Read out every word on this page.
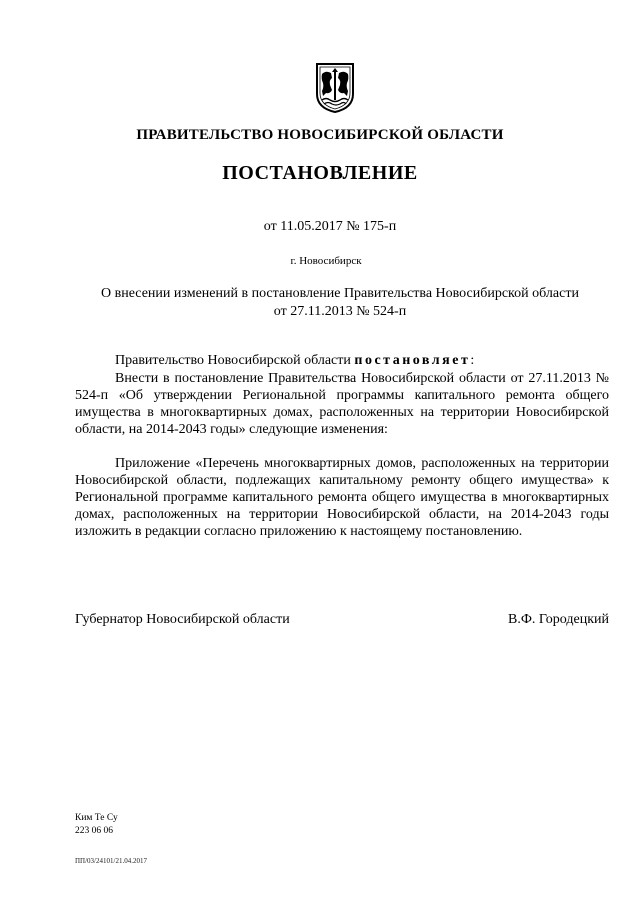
ПРАВИТЕЛЬСТВО НОВОСИБИРСКОЙ ОБЛАСТИ
ПОСТАНОВЛЕНИЕ
от 11.05.2017 № 175-п
г. Новосибирск
О внесении изменений в постановление Правительства Новосибирской области
от 27.11.2013 № 524-п

Правительство Новосибирской области постановляет:

Внести в постановление Правительства Новосибирской области от 27.11.2013 № 524-п «Об утверждении Региональной программы капитального ремонта общего имущества в многоквартирных домах, расположенных на территории Новосибирской области, на 2014-2043 годы» следующие изменения:

Приложение «Перечень многоквартирных домов, расположенных на территории Новосибирской области, подлежащих капитальному ремонту общего имущества» к Региональной программе капитального ремонта общего имущества в многоквартирных домах, расположенных на территории Новосибирской области, на 2014-2043 годы изложить в редакции согласно приложению к настоящему постановлению.

Губернатор Новосибирской области	В.Ф. Городецкий
Ким Те Су
223 06 06
ПП/03/24101/21.04.2017
